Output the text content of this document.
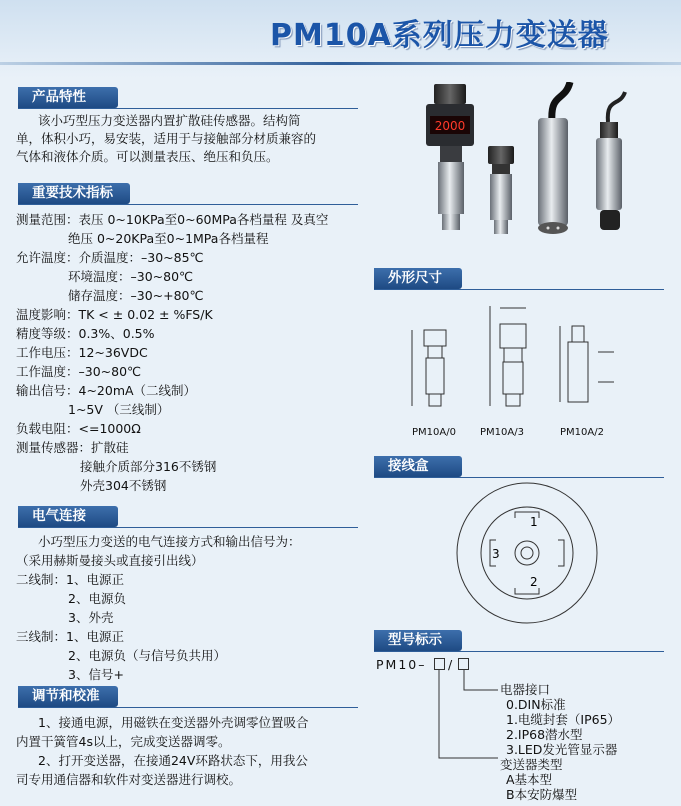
PM10A系列压力变送器
产品特性
该小巧型压力变送器内置扩散硅传感器。结构简
单，体积小巧，易安装，适用于与接触部分材质兼容的
气体和液体介质。可以测量表压、绝压和负压。
重要技术指标
测量范围：表压 0~10KPa至0~60MPa各档量程 及真空
绝压 0~20KPa至0~1MPa各档量程
允许温度：介质温度：–30~85℃
环境温度：–30~80℃
储存温度：–30~+80℃
温度影响：TK < ± 0.02 ± %FS/K
精度等级：0.3%、0.5%
工作电压：12~36VDC
工作温度：–30~80℃
输出信号：4~20mA（二线制）
1~5V （三线制）
负载电阻：<=1000Ω
测量传感器：扩散硅
接触介质部分316不锈钢
外壳304不锈钢
电气连接
小巧型压力变送的电气连接方式和输出信号为：
（采用赫斯曼接头或直接引出线）
二线制：1、电源正
2、电源负
3、外壳
三线制：1、电源正
2、电源负（与信号负共用）
3、信号+
调节和校准
1、接通电源，用磁铁在变送器外壳调零位置吸合
内置干簧管4s以上，完成变送器调零。
2、打开变送器，在接通24V环路状态下，用我公
司专用通信器和软件对变送器进行调校。
2000
外形尺寸
PM10A/0 PM10A/3	PM10A/2
接线盒
1
2
3
型号标示
PM10– /
电器接口
0.DIN标准
1.电缆封套（IP65）
2.IP68潜水型
3.LED发光管显示器
变送器类型
A基本型
B本安防爆型
